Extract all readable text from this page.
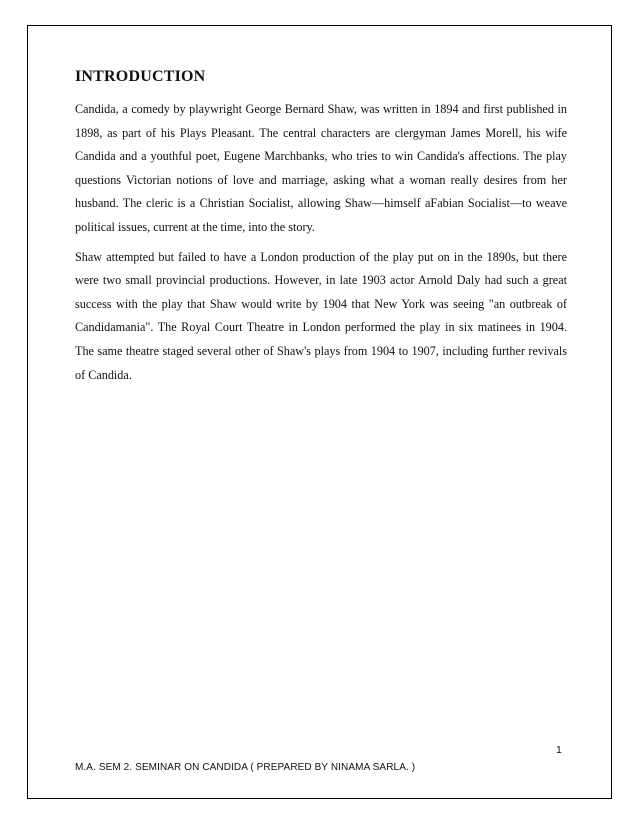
INTRODUCTION

Candida, a comedy by playwright George Bernard Shaw, was written in 1894 and first published in 1898, as part of his Plays Pleasant. The central characters are clergyman James Morell, his wife Candida and a youthful poet, Eugene Marchbanks, who tries to win Candida's affections. The play questions Victorian notions of love and marriage, asking what a woman really desires from her husband. The cleric is a Christian Socialist, allowing Shaw—himself aFabian Socialist—to weave political issues, current at the time, into the story.

Shaw attempted but failed to have a London production of the play put on in the 1890s, but there were two small provincial productions. However, in late 1903 actor Arnold Daly had such a great success with the play that Shaw would write by 1904 that New York was seeing "an outbreak of Candidamania". The Royal Court Theatre in London performed the play in six matinees in 1904. The same theatre staged several other of Shaw's plays from 1904 to 1907, including further revivals of Candida.

1
M.A. SEM 2. SEMINAR ON CANDIDA ( PREPARED BY NINAMA SARLA. )
